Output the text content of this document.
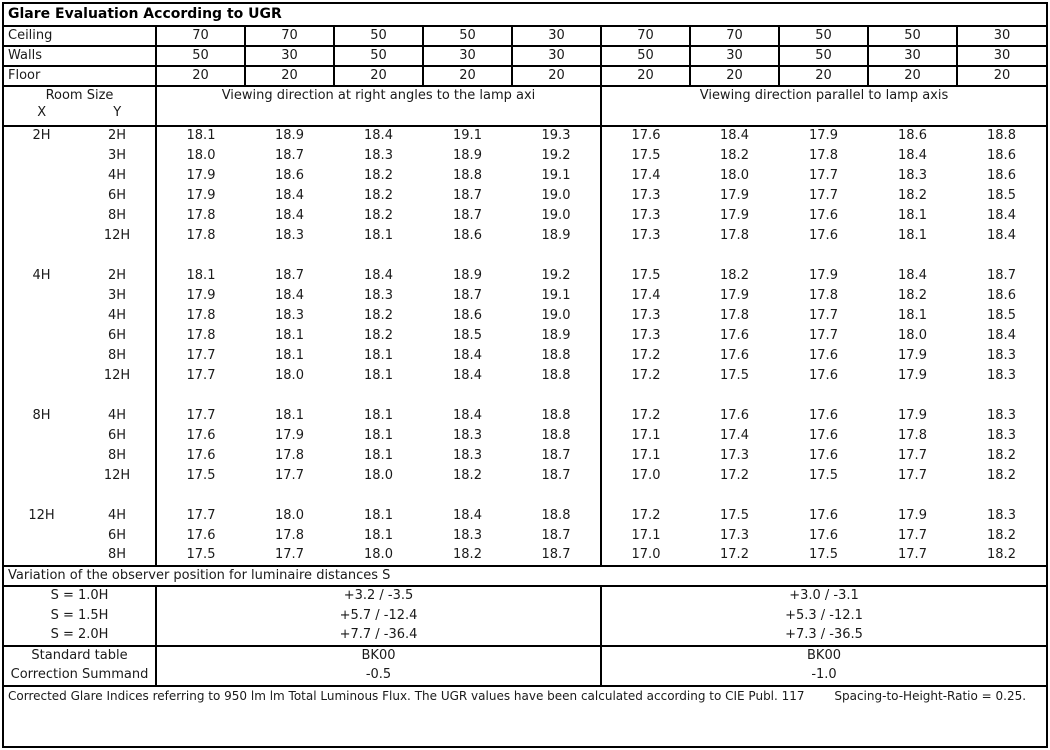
Glare Evaluation According to UGR											
Ceiling		70	70	50	50	30	70	70	50	50	30
Walls		50	30	50	30	30	50	30	50	30	30
Floor		20	20	20	20	20	20	20	20	20	20

Room Size
X Y		Viewing direction at right angles to the lamp axi					Viewing direction parallel to lamp axis				
2H	2H	18.1	18.9	18.4	19.1	19.3	17.6	18.4	17.9	18.6	18.8
	3H	18.0	18.7	18.3	18.9	19.2	17.5	18.2	17.8	18.4	18.6
	4H	17.9	18.6	18.2	18.8	19.1	17.4	18.0	17.7	18.3	18.6
	6H	17.9	18.4	18.2	18.7	19.0	17.3	17.9	17.7	18.2	18.5
	8H	17.8	18.4	18.2	18.7	19.0	17.3	17.9	17.6	18.1	18.4
	12H	17.8	18.3	18.1	18.6	18.9	17.3	17.8	17.6	18.1	18.4

4H	2H	18.1	18.7	18.4	18.9	19.2	17.5	18.2	17.9	18.4	18.7
	3H	17.9	18.4	18.3	18.7	19.1	17.4	17.9	17.8	18.2	18.6
	4H	17.8	18.3	18.2	18.6	19.0	17.3	17.8	17.7	18.1	18.5
	6H	17.8	18.1	18.2	18.5	18.9	17.3	17.6	17.7	18.0	18.4
	8H	17.7	18.1	18.1	18.4	18.8	17.2	17.6	17.6	17.9	18.3
	12H	17.7	18.0	18.1	18.4	18.8	17.2	17.5	17.6	17.9	18.3

8H	4H	17.7	18.1	18.1	18.4	18.8	17.2	17.6	17.6	17.9	18.3
	6H	17.6	17.9	18.1	18.3	18.8	17.1	17.4	17.6	17.8	18.3
	8H	17.6	17.8	18.1	18.3	18.7	17.1	17.3	17.6	17.7	18.2
	12H	17.5	17.7	18.0	18.2	18.7	17.0	17.2	17.5	17.7	18.2

12H	4H	17.7	18.0	18.1	18.4	18.8	17.2	17.5	17.6	17.9	18.3
	6H	17.6	17.8	18.1	18.3	18.7	17.1	17.3	17.6	17.7	18.2
	8H	17.5	17.7	18.0	18.2	18.7	17.0	17.2	17.5	17.7	18.2
Variation of the observer position for luminaire distances S											
S = 1.0H		+3.2 / -3.5					+3.0 / -3.1				
S = 1.5H		+5.7 / -12.4					+5.3 / -12.1				
S = 2.0H		+7.7 / -36.4					+7.3 / -36.5				
Standard table		BK00					BK00				
Correction Summand		-0.5					-1.0				
Corrected Glare Indices referring to 950 lm lm Total Luminous Flux. The UGR values have been calculated according to CIE Publ. 117 Spacing-to-Height-Ratio = 0.25.											
